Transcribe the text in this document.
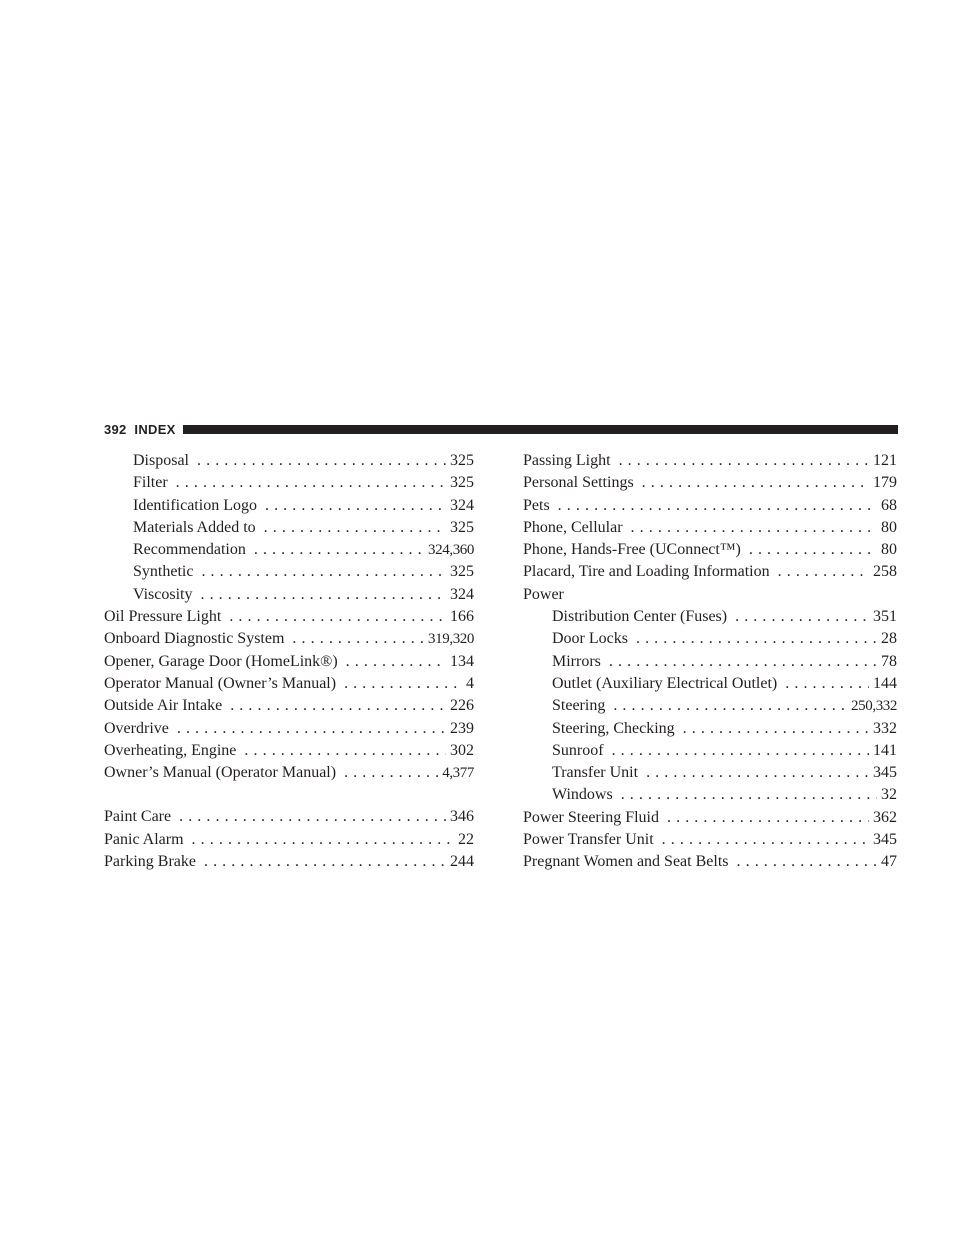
392
INDEX
Disposal . . .	325
Filter . . .	325
Identification Logo . . .	324
Materials Added to . . .	325
Recommendation . . .	324,360
Synthetic . . .	325
Viscosity . . .	324
Oil Pressure Light . . .	166
Onboard Diagnostic System . . .	319,320
Opener, Garage Door (HomeLink®) . . .	134
Operator Manual (Owner’s Manual) . . .	4
Outside Air Intake . . .	226
Overdrive . . .	239
Overheating, Engine . . .	302
Owner’s Manual (Operator Manual) . . .	4,377
Paint Care . . .	346
Panic Alarm . . .	22
Parking Brake . . .	244
Passing Light . . .	121
Personal Settings . . .	179
Pets . . .	68
Phone, Cellular . . .	80
Phone, Hands-Free (UConnect™) . . .	80
Placard, Tire and Loading Information . . .	258
Power
Distribution Center (Fuses) . . .	351
Door Locks . . .	28
Mirrors . . .	78
Outlet (Auxiliary Electrical Outlet) . . .	144
Steering . . .	250,332
Steering, Checking . . .	332
Sunroof . . .	141
Transfer Unit . . .	345
Windows . . .	32
Power Steering Fluid . . .	362
Power Transfer Unit . . .	345
Pregnant Women and Seat Belts . . .	47
